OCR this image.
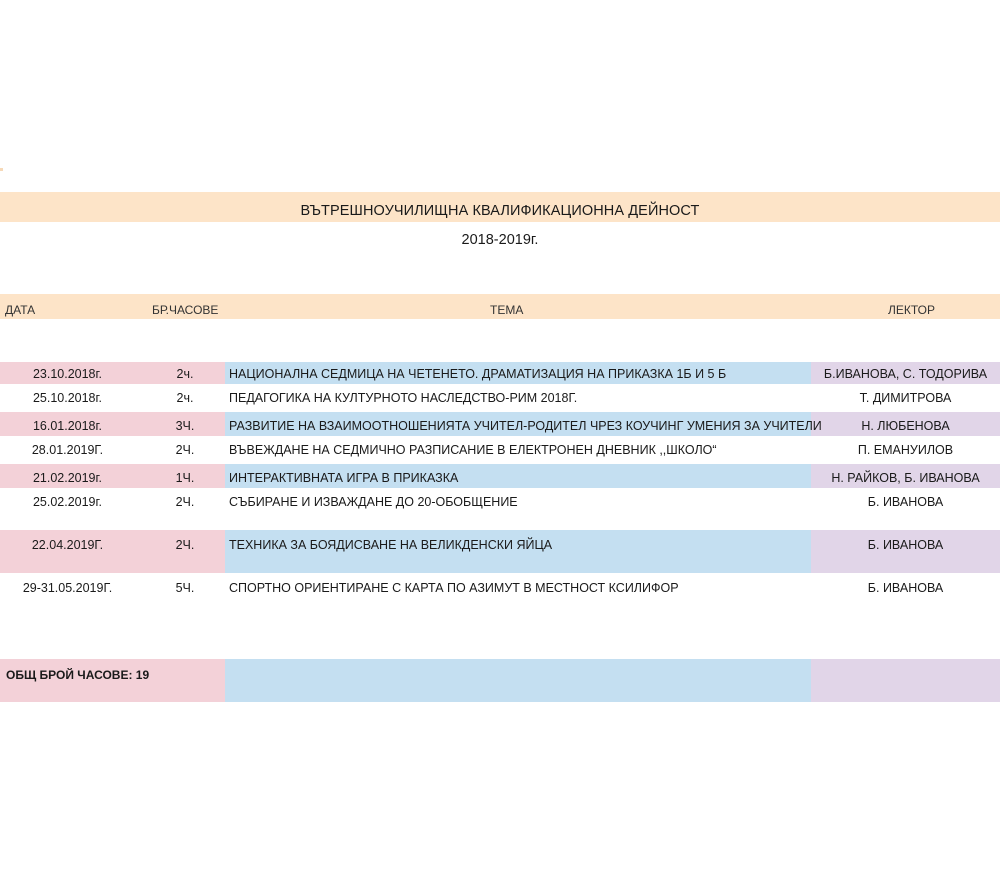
ВЪТРЕШНОУЧИЛИЩНА КВАЛИФИКАЦИОННА ДЕЙНОСТ
2018-2019г.
ДАТА	БР.ЧАСОВЕ	ТЕМА	ЛЕКТОР
23.10.2018г.	2ч.	НАЦИОНАЛНА СЕДМИЦА НА ЧЕТЕНЕТО. ДРАМАТИЗАЦИЯ НА ПРИКАЗКА 1Б И 5 Б	Б.ИВАНОВА, С. ТОДОРИВА
25.10.2018г.	2ч.	ПЕДАГОГИКА НА КУЛТУРНОТО НАСЛЕДСТВО-РИМ 2018Г.	Т. ДИМИТРОВА
16.01.2018г.	3Ч.	РАЗВИТИЕ НА ВЗАИМООТНОШЕНИЯТА УЧИТЕЛ-РОДИТЕЛ ЧРЕЗ КОУЧИНГ УМЕНИЯ ЗА УЧИТЕЛИ	Н. ЛЮБЕНОВА
28.01.2019Г.	2Ч.	ВЪВЕЖДАНЕ НА СЕДМИЧНО РАЗПИСАНИЕ В ЕЛЕКТРОНЕН ДНЕВНИК ,,ШКОЛО“	П. ЕМАНУИЛОВ
21.02.2019г.	1Ч.	ИНТЕРАКТИВНАТА ИГРА В ПРИКАЗКА	Н. РАЙКОВ, Б. ИВАНОВА
25.02.2019г.	2Ч.	СЪБИРАНЕ И ИЗВАЖДАНЕ ДО 20-ОБОБЩЕНИЕ	Б. ИВАНОВА
22.04.2019Г.	2Ч.	ТЕХНИКА ЗА БОЯДИСВАНЕ НА ВЕЛИКДЕНСКИ ЯЙЦА	Б. ИВАНОВА
29-31.05.2019Г.	5Ч.	СПОРТНО ОРИЕНТИРАНЕ С КАРТА ПО АЗИМУТ В МЕСТНОСТ КСИЛИФОР	Б. ИВАНОВА
ОБЩ БРОЙ ЧАСОВЕ: 19
